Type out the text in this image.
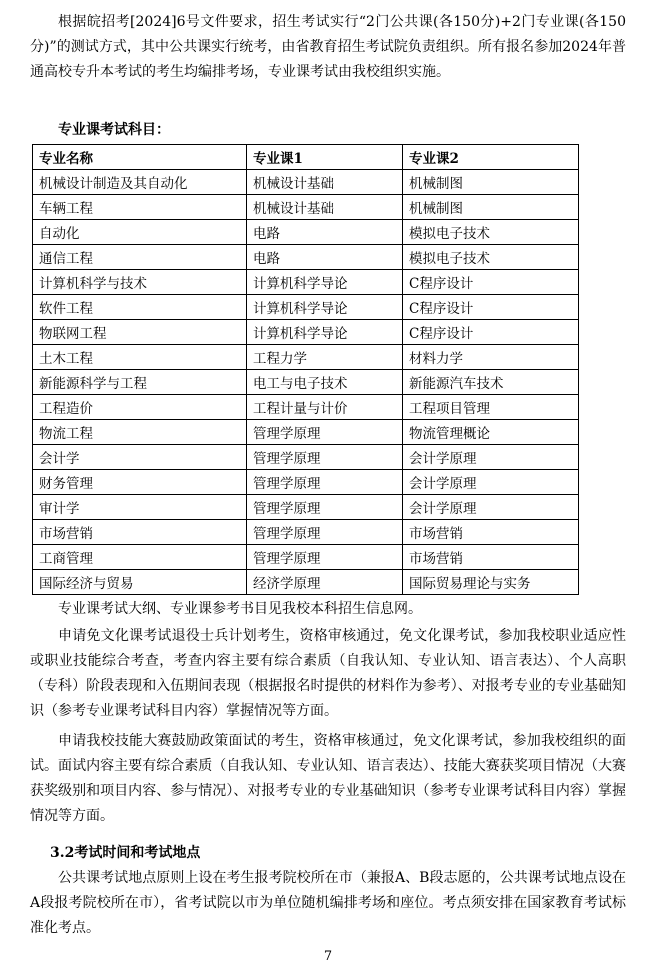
根据皖招考[2024]6号文件要求，招生考试实行“2门公共课(各150分)+2门专业课(各150分)”的测试方式，其中公共课实行统考，由省教育招生考试院负责组织。所有报名参加2024年普通高校专升本考试的考生均编排考场，专业课考试由我校组织实施。

专业课考试科目：

专业名称	专业课1	专业课2
机械设计制造及其自动化	机械设计基础	机械制图
车辆工程	机械设计基础	机械制图
自动化	电路	模拟电子技术
通信工程	电路	模拟电子技术
计算机科学与技术	计算机科学导论	C程序设计
软件工程	计算机科学导论	C程序设计
物联网工程	计算机科学导论	C程序设计
土木工程	工程力学	材料力学
新能源科学与工程	电工与电子技术	新能源汽车技术
工程造价	工程计量与计价	工程项目管理
物流工程	管理学原理	物流管理概论
会计学	管理学原理	会计学原理
财务管理	管理学原理	会计学原理
审计学	管理学原理	会计学原理
市场营销	管理学原理	市场营销
工商管理	管理学原理	市场营销
国际经济与贸易	经济学原理	国际贸易理论与实务

专业课考试大纲、专业课参考书目见我校本科招生信息网。

申请免文化课考试退役士兵计划考生，资格审核通过，免文化课考试，参加我校职业适应性或职业技能综合考查，考查内容主要有综合素质（自我认知、专业认知、语言表达）、个人高职（专科）阶段表现和入伍期间表现（根据报名时提供的材料作为参考）、对报考专业的专业基础知识（参考专业课考试科目内容）掌握情况等方面。

申请我校技能大赛鼓励政策面试的考生，资格审核通过，免文化课考试，参加我校组织的面试。面试内容主要有综合素质（自我认知、专业认知、语言表达）、技能大赛获奖项目情况（大赛获奖级别和项目内容、参与情况）、对报考专业的专业基础知识（参考专业课考试科目内容）掌握情况等方面。

3.2考试时间和考试地点

公共课考试地点原则上设在考生报考院校所在市（兼报A、B段志愿的，公共课考试地点设在A段报考院校所在市），省考试院以市为单位随机编排考场和座位。考点须安排在国家教育考试标准化考点。

7
